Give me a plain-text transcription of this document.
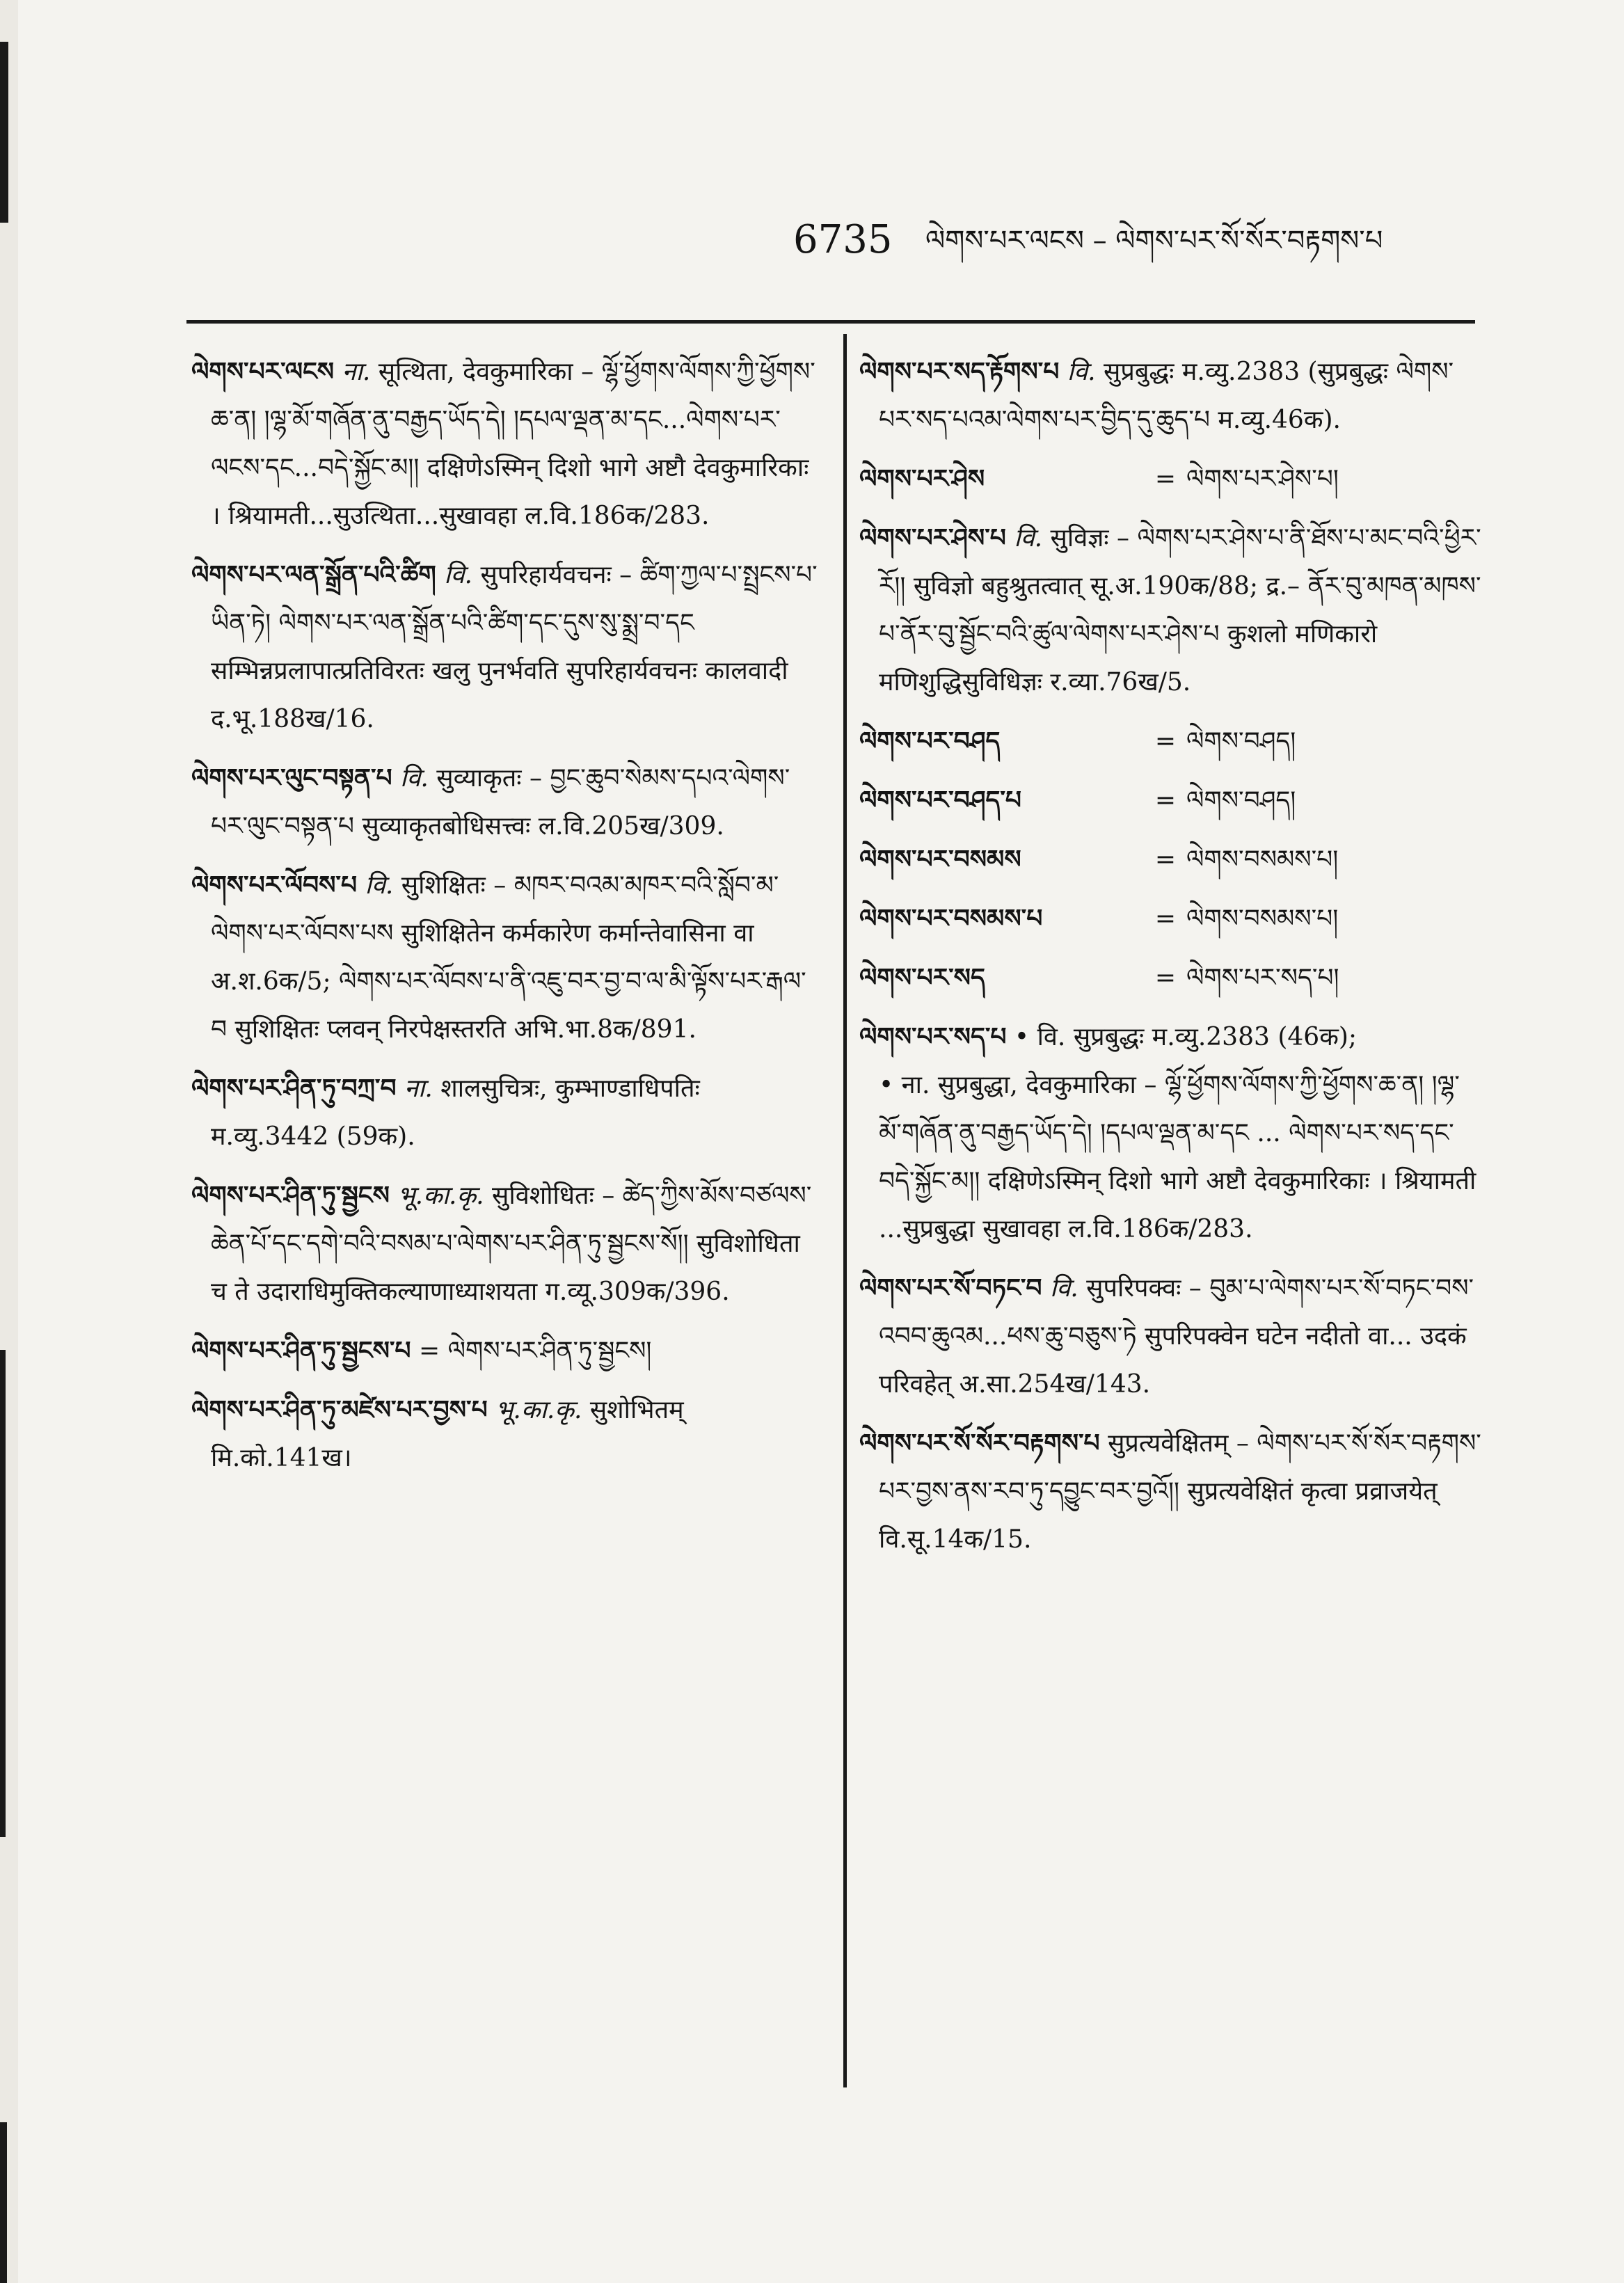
6735 ལེགས་པར་ལངས – ལེགས་པར་སོ་སོར་བརྟགས་པ

ལེགས་པར་ལངས ना. सूत्थिता, देवकुमारिका – ལྷོ་ཕྱོགས་ལོགས་ཀྱི་ཕྱོགས་ཆ་ན། །ལྷ་མོ་གཞོན་ནུ་བརྒྱད་ཡོད་དེ། །དཔལ་ལྡན་མ་དང...ལེགས་པར་ལངས་དང...བདེ་སྐྱོང་མ།། दक्षिणेऽस्मिन् दिशो भागे अष्टौ देवकुमारिकाः । श्रियामती...सुउत्थिता...सुखावहा ल.वि.186क/283.

ལེགས་པར་ལན་སྒྲོན་པའི་ཚིག वि. सुपरिहार्यवचनः – ཚིག་ཀྱལ་པ་སྤྲངས་པ་ཡིན་ཏེ། ལེགས་པར་ལན་སྒྲོན་པའི་ཚིག་དང་དུས་སུ་སྨྲ་བ་དང सम्भिन्नप्रलापात्प्रतिविरतः खलु पुनर्भवति सुपरिहार्यवचनः कालवादी द.भू.188ख/16.

ལེགས་པར་ལུང་བསྟན་པ वि. सुव्याकृतः – བྱང་ཆུབ་སེམས་དཔའ་ལེགས་པར་ལུང་བསྟན་པ सुव्याकृतबोधिसत्त्वः ल.वि.205ख/309.

ལེགས་པར་ལོབས་པ वि. सुशिक्षितः – མཁར་བའམ་མཁར་བའི་སློབ་མ་ལེགས་པར་ལོབས་པས सुशिक्षितेन कर्मकारेण कर्मान्तेवासिना वा अ.श.6क/5; ལེགས་པར་ལོབས་པ་ནི་འཇུ་བར་བྱ་བ་ལ་མི་ལྟོས་པར་རྒལ་བ सुशिक्षितः प्लवन् निरपेक्षस्तरति अभि.भा.8क/891.

ལེགས་པར་ཤིན་ཏུ་བཀྲ་བ ना. शालसुचित्रः, कुम्भाण्डाधिपतिः म.व्यु.3442 (59क).

ལེགས་པར་ཤིན་ཏུ་སྦྱངས भू.का.कृ. सुविशोधितः – ཚེད་ཀྱིས་མོས་བཙལས་ཆེན་པོ་དང་དགེ་བའི་བསམ་པ་ལེགས་པར་ཤིན་ཏུ་སྦྱངས་སོ།། सुविशोधिता च ते उदाराधिमुक्तिकल्याणाध्याशयता ग.व्यू.309क/396.

ལེགས་པར་ཤིན་ཏུ་སྦྱངས་པ = ལེགས་པར་ཤིན་ཏུ་སྦྱངས།

ལེགས་པར་ཤིན་ཏུ་མཛེས་པར་བྱས་པ भू.का.कृ. सुशोभितम् मि.को.141ख।

ལེགས་པར་སད་རྟོགས་པ वि. सुप्रबुद्धः म.व्यु.2383 (सुप्रबुद्धः ལེགས་པར་སད་པའམ་ལེགས་པར་བྱིད་དུ་ཆུད་པ म.व्यु.46क).

ལེགས་པར་ཤེས	= ལེགས་པར་ཤེས་པ།

ལེགས་པར་ཤེས་པ वि. सुविज्ञः – ལེགས་པར་ཤེས་པ་ནི་ཐོས་པ་མང་བའི་ཕྱིར་རོ།། सुविज्ञो बहुश्रुतत्वात् सू.अ.190क/88; द्र.– ནོར་བུ་མཁན་མཁས་པ་ནོར་བུ་སྦྱོང་བའི་ཚུལ་ལེགས་པར་ཤེས་པ कुशलो मणिकारो मणिशुद्धिसुविधिज्ञः र.व्या.76ख/5.

ལེགས་པར་བཤད	= ལེགས་བཤད།
ལེགས་པར་བཤད་པ	= ལེགས་བཤད།
ལེགས་པར་བསམས	= ལེགས་བསམས་པ།
ལེགས་པར་བསམས་པ	= ལེགས་བསམས་པ།
ལེགས་པར་སད	= ལེགས་པར་སད་པ།

ལེགས་པར་སད་པ • वि. सुप्रबुद्धः म.व्यु.2383 (46क);
• ना. सुप्रबुद्धा, देवकुमारिका – ལྷོ་ཕྱོགས་ལོགས་ཀྱི་ཕྱོགས་ཆ་ན། །ལྷ་མོ་གཞོན་ནུ་བརྒྱད་ཡོད་དེ། །དཔལ་ལྡན་མ་དང ... ལེགས་པར་སད་དང་བདེ་སྐྱོང་མ།། दक्षिणेऽस्मिन् दिशो भागे अष्टौ देवकुमारिकाः । श्रियामती ...सुप्रबुद्धा सुखावहा ल.वि.186क/283.

ལེགས་པར་སོ་བཏང་བ वि. सुपरिपक्वः – བུམ་པ་ལེགས་པར་སོ་བཏང་བས་འབབ་ཆུའམ...ཕས་ཆུ་བཅུས་ཏེ सुपरिपक्वेन घटेन नदीतो वा... उदकं परिवहेत् अ.सा.254ख/143.

ལེགས་པར་སོ་སོར་བརྟགས་པ सुप्रत्यवेक्षितम् – ལེགས་པར་སོ་སོར་བརྟགས་པར་བྱས་ནས་རབ་ཏུ་དབྱུང་བར་བྱའོ།། सुप्रत्यवेक्षितं कृत्वा प्रव्राजयेत् वि.सू.14क/15.
